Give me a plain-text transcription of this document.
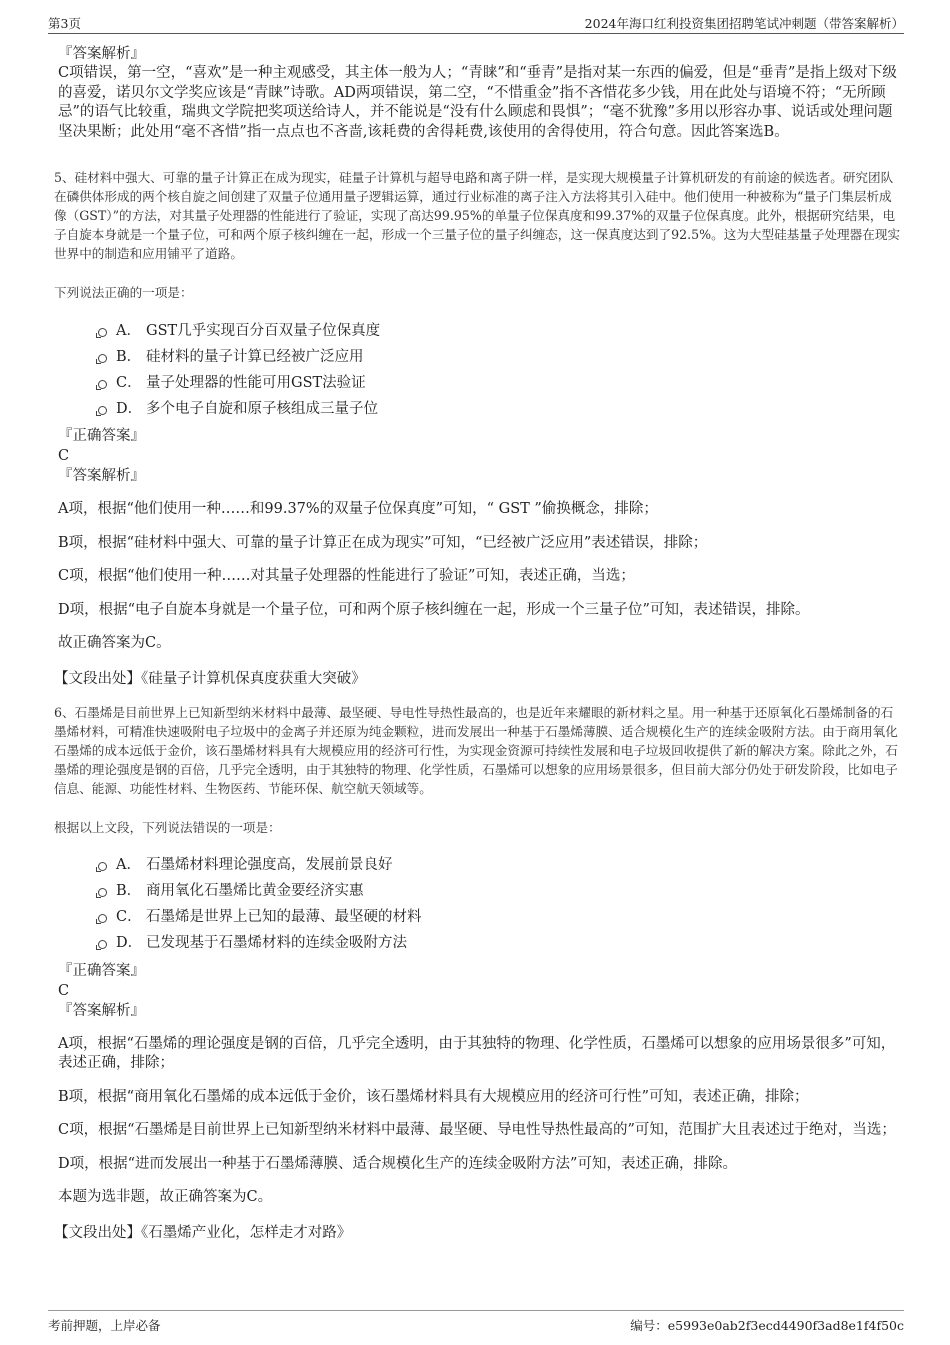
第3页	2024年海口红利投资集团招聘笔试冲刺题（带答案解析）
『答案解析』
C项错误，第一空，“喜欢”是一种主观感受，其主体一般为人；“青睐”和“垂青”是指对某一东西的偏爱，但是“垂青”是指上级对下级的喜爱，诺贝尔文学奖应该是“青睐”诗歌。AD两项错误，第二空，“不惜重金”指不吝惜花多少钱，用在此处与语境不符；“无所顾忌”的语气比较重，瑞典文学院把奖项送给诗人，并不能说是“没有什么顾虑和畏惧”；“毫不犹豫”多用以形容办事、说话或处理问题坚决果断；此处用“毫不吝惜”指一点点也不吝啬,该耗费的舍得耗费,该使用的舍得使用，符合句意。因此答案选B。
5、硅材料中强大、可靠的量子计算正在成为现实，硅量子计算机与超导电路和离子阱一样，是实现大规模量子计算机研发的有前途的候选者。研究团队在磷供体形成的两个核自旋之间创建了双量子位通用量子逻辑运算，通过行业标准的离子注入方法将其引入硅中。他们使用一种被称为“量子门集层析成像（GST）”的方法，对其量子处理器的性能进行了验证，实现了高达99.95%的单量子位保真度和99.37%的双量子位保真度。此外，根据研究结果，电子自旋本身就是一个量子位，可和两个原子核纠缠在一起，形成一个三量子位的量子纠缠态，这一保真度达到了92.5%。这为大型硅基量子处理器在现实世界中的制造和应用铺平了道路。
下列说法正确的一项是：
A． GST几乎实现百分百双量子位保真度
B． 硅材料的量子计算已经被广泛应用
C． 量子处理器的性能可用GST法验证
D． 多个电子自旋和原子核组成三量子位
『正确答案』
C
『答案解析』
A项，根据“他们使用一种……和99.37%的双量子位保真度”可知，“ GST ”偷换概念，排除；
B项，根据“硅材料中强大、可靠的量子计算正在成为现实”可知，“已经被广泛应用”表述错误，排除；
C项，根据“他们使用一种……对其量子处理器的性能进行了验证”可知，表述正确，当选；
D项，根据“电子自旋本身就是一个量子位，可和两个原子核纠缠在一起，形成一个三量子位”可知，表述错误，排除。
故正确答案为C。
【文段出处】《硅量子计算机保真度获重大突破》
6、石墨烯是目前世界上已知新型纳米材料中最薄、最坚硬、导电性导热性最高的，也是近年来耀眼的新材料之星。用一种基于还原氧化石墨烯制备的石墨烯材料，可精准快速吸附电子垃圾中的金离子并还原为纯金颗粒，进而发展出一种基于石墨烯薄膜、适合规模化生产的连续金吸附方法。由于商用氧化石墨烯的成本远低于金价，该石墨烯材料具有大规模应用的经济可行性，为实现金资源可持续性发展和电子垃圾回收提供了新的解决方案。除此之外，石墨烯的理论强度是钢的百倍，几乎完全透明，由于其独特的物理、化学性质，石墨烯可以想象的应用场景很多，但目前大部分仍处于研发阶段，比如电子信息、能源、功能性材料、生物医药、节能环保、航空航天领域等。
根据以上文段，下列说法错误的一项是：
A． 石墨烯材料理论强度高，发展前景良好
B． 商用氧化石墨烯比黄金要经济实惠
C． 石墨烯是世界上已知的最薄、最坚硬的材料
D． 已发现基于石墨烯材料的连续金吸附方法
『正确答案』
C
『答案解析』
A项，根据“石墨烯的理论强度是钢的百倍，几乎完全透明，由于其独特的物理、化学性质，石墨烯可以想象的应用场景很多”可知，表述正确，排除；
B项，根据“商用氧化石墨烯的成本远低于金价，该石墨烯材料具有大规模应用的经济可行性”可知，表述正确，排除；
C项，根据“石墨烯是目前世界上已知新型纳米材料中最薄、最坚硬、导电性导热性最高的”可知，范围扩大且表述过于绝对，当选；
D项，根据“进而发展出一种基于石墨烯薄膜、适合规模化生产的连续金吸附方法”可知，表述正确，排除。
本题为选非题，故正确答案为C。
【文段出处】《石墨烯产业化，怎样走才对路》
考前押题，上岸必备	编号：e5993e0ab2f3ecd4490f3ad8e1f4f50c
